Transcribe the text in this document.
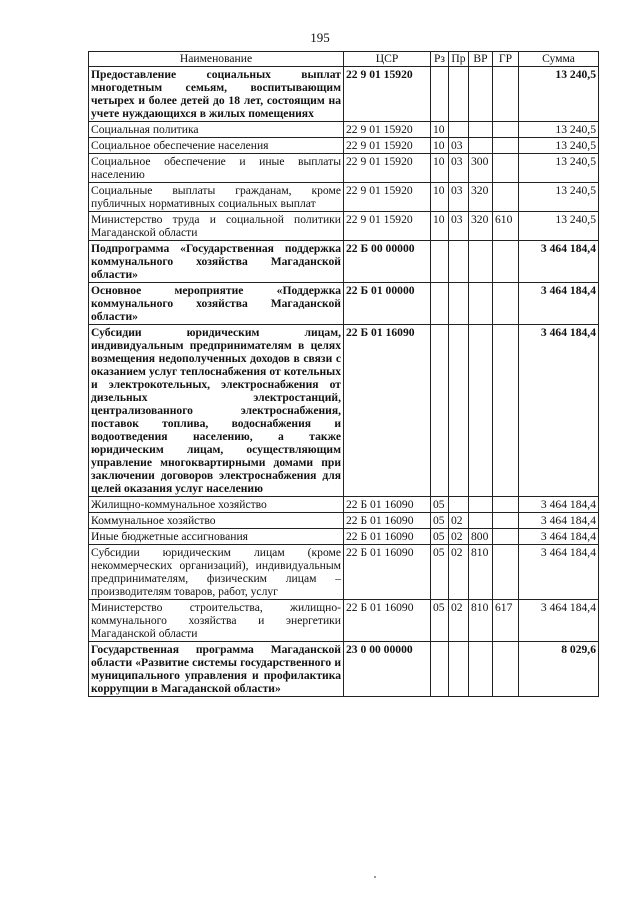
195
Наименование	ЦСР	Рз	Пр	ВР	ГР	Сумма
Предоставление социальных выплат многодетным семьям, воспитывающим четырех и более детей до 18 лет, состоящим на учете нуждающихся в жилых помещениях	22 9 01 15920					13 240,5
Социальная политика	22 9 01 15920	10				13 240,5
Социальное обеспечение населения	22 9 01 15920	10	03			13 240,5
Социальное обеспечение и иные выплаты населению	22 9 01 15920	10	03	300		13 240,5
Социальные выплаты гражданам, кроме публичных нормативных социальных выплат	22 9 01 15920	10	03	320		13 240,5
Министерство труда и социальной политики Магаданской области	22 9 01 15920	10	03	320	610	13 240,5
Подпрограмма «Государственная поддержка коммунального хозяйства Магаданской области»	22 Б 00 00000					3 464 184,4
Основное мероприятие «Поддержка коммунального хозяйства Магаданской области»	22 Б 01 00000					3 464 184,4
Субсидии юридическим лицам, индивидуальным предпринимателям в целях возмещения недополученных доходов в связи с оказанием услуг теплоснабжения от котельных и электрокотельных, электроснабжения от дизельных электростанций, централизованного электроснабжения, поставок топлива, водоснабжения и водоотведения населению, а также юридическим лицам, осуществляющим управление многоквартирными домами при заключении договоров электроснабжения для целей оказания услуг населению	22 Б 01 16090					3 464 184,4
Жилищно-коммунальное хозяйство	22 Б 01 16090	05				3 464 184,4
Коммунальное хозяйство	22 Б 01 16090	05	02			3 464 184,4
Иные бюджетные ассигнования	22 Б 01 16090	05	02	800		3 464 184,4
Субсидии юридическим лицам (кроме некоммерческих организаций), индивидуальным предпринимателям, физическим лицам – производителям товаров, работ, услуг	22 Б 01 16090	05	02	810		3 464 184,4
Министерство строительства, жилищно-коммунального хозяйства и энергетики Магаданской области	22 Б 01 16090	05	02	810	617	3 464 184,4
Государственная программа Магаданской области «Развитие системы государственного и муниципального управления и профилактика коррупции в Магаданской области»	23 0 00 00000					8 029,6
